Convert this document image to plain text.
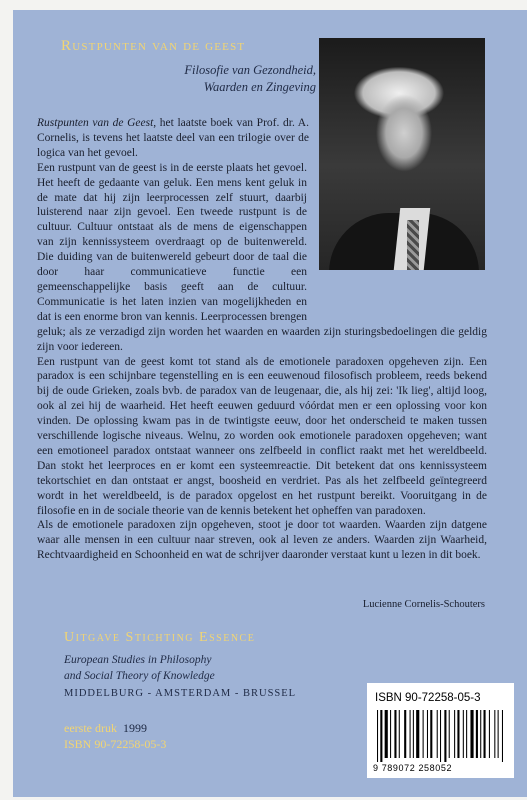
Rustpunten van de geest
Filosofie van Gezondheid,
Waarden en Zingeving

Rustpunten van de Geest, het laatste boek van Prof. dr. A. Cornelis, is tevens het laatste deel van een trilogie over de logica van het gevoel.

Een rustpunt van de geest is in de eerste plaats het gevoel. Het heeft de gedaante van geluk. Een mens kent geluk in de mate dat hij zijn leerprocessen zelf stuurt, daarbij luisterend naar zijn gevoel. Een tweede rustpunt is de cultuur. Cultuur ontstaat als de mens de eigenschappen van zijn kennissysteem overdraagt op de buitenwereld. Die duiding van de buitenwereld gebeurt door de taal die door haar communicatieve functie een gemeenschappelijke basis geeft aan de cultuur. Communicatie is het laten inzien van mogelijkheden en dat is een enorme bron van kennis. Leerprocessen brengen geluk; als ze verzadigd zijn worden het waarden en waarden zijn sturingsbedoelingen die geldig zijn voor iedereen.

Een rustpunt van de geest komt tot stand als de emotionele paradoxen opgeheven zijn. Een paradox is een schijnbare tegenstelling en is een eeuwenoud filosofisch probleem, reeds bekend bij de oude Grieken, zoals bvb. de paradox van de leugenaar, die, als hij zei: 'Ik lieg', altijd loog, ook al zei hij de waarheid. Het heeft eeuwen geduurd vóórdat men er een oplossing voor kon vinden. De oplossing kwam pas in de twintigste eeuw, door het onderscheid te maken tussen verschillende logische niveaus. Welnu, zo worden ook emotionele paradoxen opgeheven; want een emotioneel paradox ontstaat wanneer ons zelfbeeld in conflict raakt met het wereldbeeld. Dan stokt het leerproces en er komt een systeemreactie. Dit betekent dat ons kennissysteem tekortschiet en dan ontstaat er angst, boosheid en verdriet. Pas als het zelfbeeld geïntegreerd wordt in het wereldbeeld, is de paradox opgelost en het rustpunt bereikt. Vooruitgang in de filosofie en in de sociale theorie van de kennis betekent het opheffen van paradoxen.

Als de emotionele paradoxen zijn opgeheven, stoot je door tot waarden. Waarden zijn datgene waar alle mensen in een cultuur naar streven, ook al leven ze anders. Waarden zijn Waarheid, Rechtvaardigheid en Schoonheid en wat de schrijver daaronder verstaat kunt u lezen in dit boek.

Lucienne Cornelis-Schouters
Uitgave Stichting Essence
European Studies in Philosophy
and Social Theory of Knowledge
MIDDELBURG - AMSTERDAM - BRUSSEL
eerste druk 1999
ISBN 90-72258-05-3
ISBN 90-72258-05-3
9 789072 258052
